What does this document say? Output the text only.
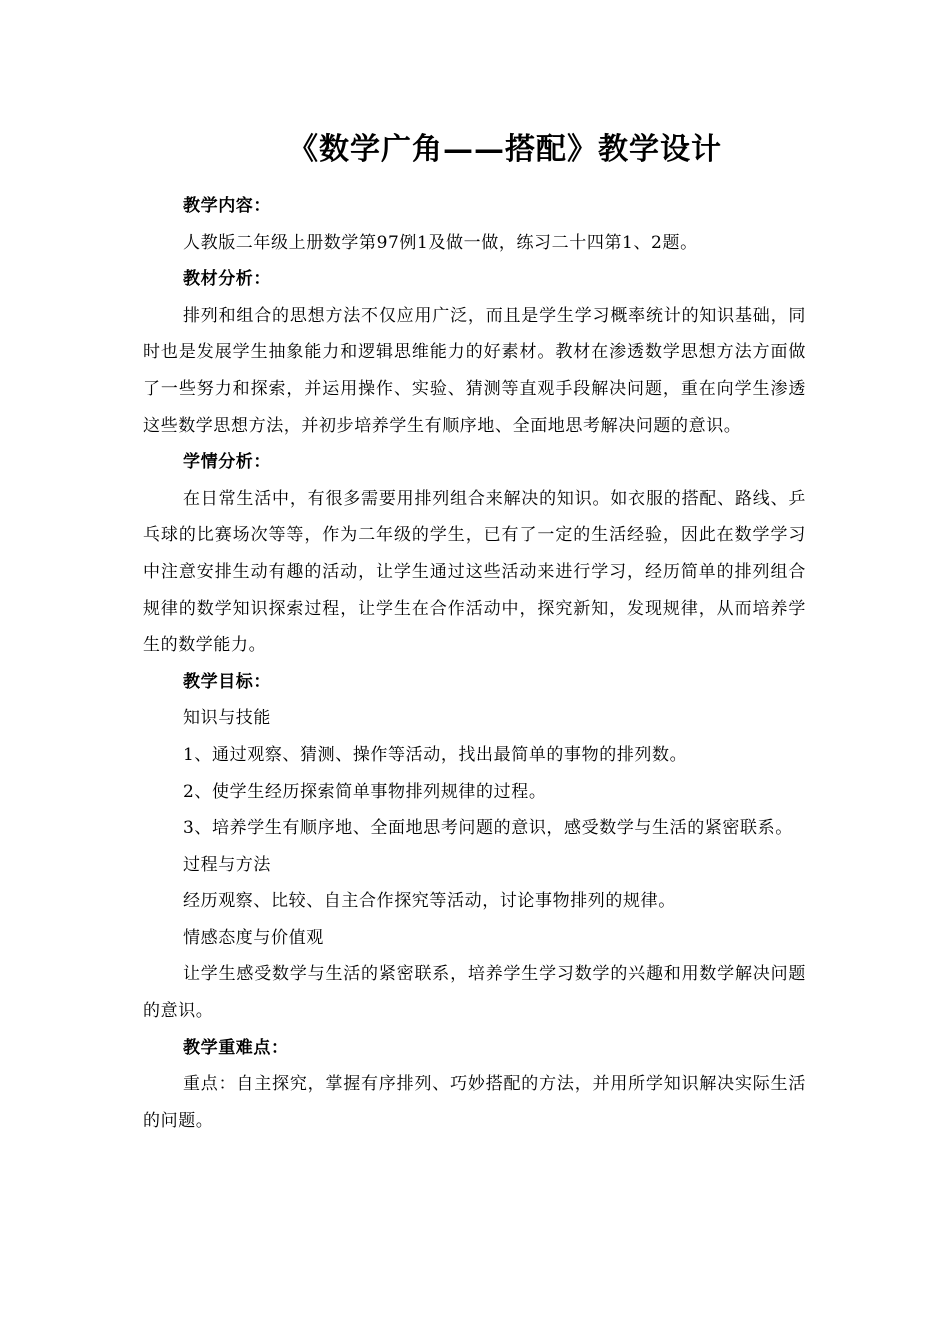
《数学广角——搭配》教学设计

教学内容：

人教版二年级上册数学第97例1及做一做，练习二十四第1、2题。

教材分析：

排列和组合的思想方法不仅应用广泛，而且是学生学习概率统计的知识基础，同时也是发展学生抽象能力和逻辑思维能力的好素材。教材在渗透数学思想方法方面做了一些努力和探索，并运用操作、实验、猜测等直观手段解决问题，重在向学生渗透这些数学思想方法，并初步培养学生有顺序地、全面地思考解决问题的意识。

学情分析：

在日常生活中，有很多需要用排列组合来解决的知识。如衣服的搭配、路线、乒乓球的比赛场次等等，作为二年级的学生，已有了一定的生活经验，因此在数学学习中注意安排生动有趣的活动，让学生通过这些活动来进行学习，经历简单的排列组合规律的数学知识探索过程，让学生在合作活动中，探究新知，发现规律，从而培养学生的数学能力。

教学目标：

知识与技能

1、通过观察、猜测、操作等活动，找出最简单的事物的排列数。

2、使学生经历探索简单事物排列规律的过程。

3、培养学生有顺序地、全面地思考问题的意识，感受数学与生活的紧密联系。

过程与方法

经历观察、比较、自主合作探究等活动，讨论事物排列的规律。

情感态度与价值观

让学生感受数学与生活的紧密联系，培养学生学习数学的兴趣和用数学解决问题的意识。

教学重难点：

重点：自主探究，掌握有序排列、巧妙搭配的方法，并用所学知识解决实际生活的问题。
